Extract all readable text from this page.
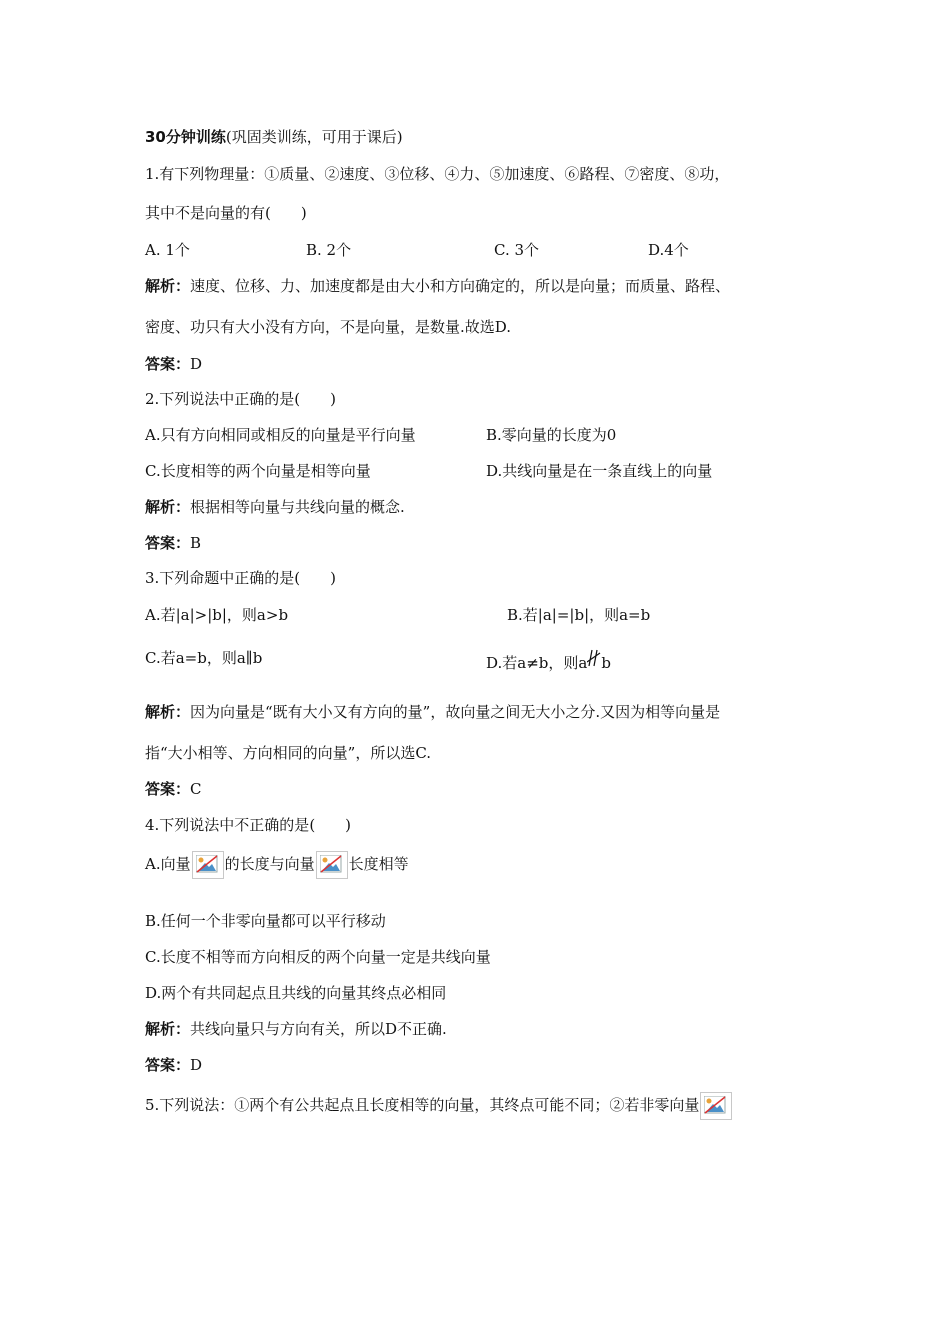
30分钟训练(巩固类训练，可用于课后)
1.有下列物理量：①质量、②速度、③位移、④力、⑤加速度、⑥路程、⑦密度、⑧功，
其中不是向量的有(　　)
A. 1个	B. 2个	C. 3个	D.4个
解析：速度、位移、力、加速度都是由大小和方向确定的，所以是向量；而质量、路程、
密度、功只有大小没有方向，不是向量，是数量.故选D.
答案：D
2.下列说法中正确的是(　　)
A.只有方向相同或相反的向量是平行向量	B.零向量的长度为0
C.长度相等的两个向量是相等向量	D.共线向量是在一条直线上的向量
解析：根据相等向量与共线向量的概念.
答案：B
3.下列命题中正确的是(　　)
A.若|a|>|b|，则a>b	B.若|a|=|b|，则a=b
C.若a=b，则a∥b	D.若a≠b，则a b
解析：因为向量是“既有大小又有方向的量”，故向量之间无大小之分.又因为相等向量是
指“大小相等、方向相同的向量”，所以选C.
答案：C
4.下列说法中不正确的是(　　)
A.向量 的长度与向量 长度相等
B.任何一个非零向量都可以平行移动
C.长度不相等而方向相反的两个向量一定是共线向量
D.两个有共同起点且共线的向量其终点必相同
解析：共线向量只与方向有关，所以D不正确.
答案：D
5.下列说法：①两个有公共起点且长度相等的向量，其终点可能不同；②若非零向量
